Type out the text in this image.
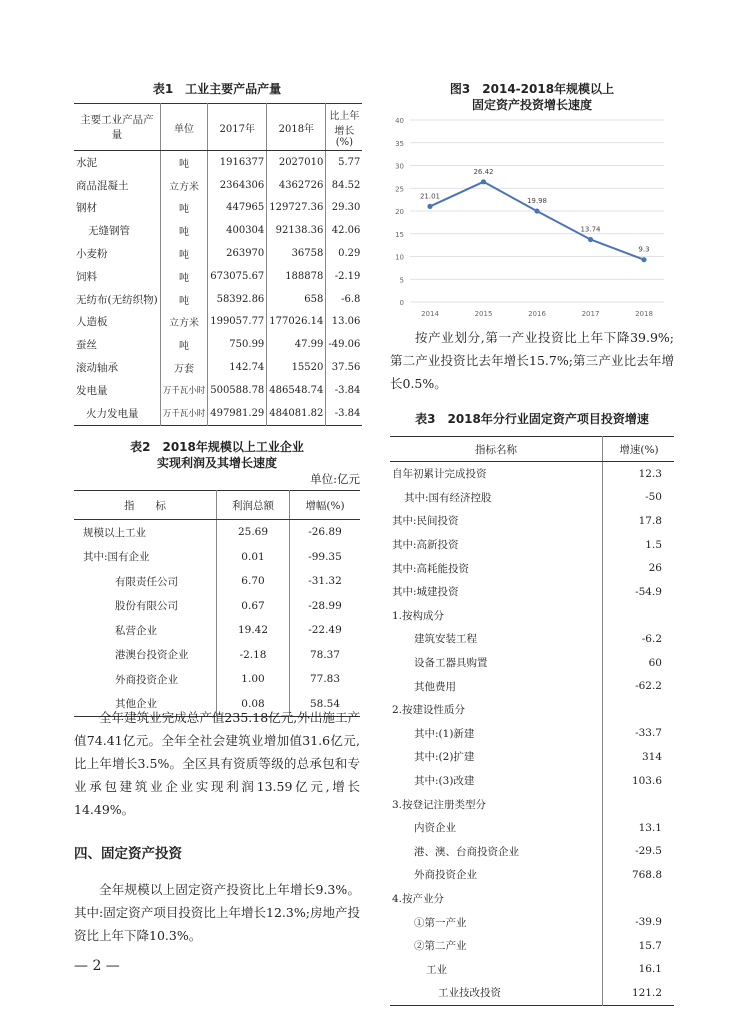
表1　工业主要产品产量
主要工业产品产量	单位	2017年	2018年	比上年增长(%)
水泥	吨	1916377	2027010	5.77
商品混凝土	立方米	2364306	4362726	84.52
钢材	吨	447965	129727.36	29.30
无缝钢管	吨	400304	92138.36	42.06
小麦粉	吨	263970	36758	0.29
饲料	吨	673075.67	188878	-2.19
无纺布(无纺织物)	吨	58392.86	658	-6.8
人造板	立方米	199057.77	177026.14	13.06
蚕丝	吨	750.99	47.99	-49.06
滚动轴承	万套	142.74	15520	37.56
发电量	万千瓦小时	500588.78	486548.74	-3.84
火力发电量	万千瓦小时	497981.29	484081.82	-3.84
表2　2018年规模以上工业企业
实现利润及其增长速度
单位:亿元
指　　标	利润总额	增幅(%)
规模以上工业	25.69	-26.89
其中:国有企业	0.01	-99.35
有限责任公司	6.70	-31.32
股份有限公司	0.67	-28.99
私营企业	19.42	-22.49
港澳台投资企业	-2.18	78.37
外商投资企业	1.00	77.83
其他企业	0.08	58.54
全年建筑业完成总产值235.18亿元,外出施工产值74.41亿元。全年全社会建筑业增加值31.6亿元,比上年增长3.5%。全区具有资质等级的总承包和专业承包建筑业企业实现利润13.59亿元,增长14.49%。
四、固定资产投资
全年规模以上固定资产投资比上年增长9.3%。其中:固定资产项目投资比上年增长12.3%;房地产投资比上年下降10.3%。
— 2 —
图3　2014-2018年规模以上
固定资产投资增长速度
0
5
10
15
20
25
30
35
40
2014	2015	2016	2017	2018
21.01
26.42
19.98
13.74
9.3
按产业划分,第一产业投资比上年下降39.9%;第二产业投资比去年增长15.7%;第三产业比去年增长0.5%。
表3　2018年分行业固定资产项目投资增速
指标名称	增速(%)
自年初累计完成投资	12.3
其中:国有经济控股	-50
其中:民间投资	17.8
其中:高新投资	1.5
其中:高耗能投资	26
其中:城建投资	-54.9
1.按构成分	
建筑安装工程	-6.2
设备工器具购置	60
其他费用	-62.2
2.按建设性质分	
其中:(1)新建	-33.7
其中:(2)扩建	314
其中:(3)改建	103.6
3.按登记注册类型分	
内资企业	13.1
港、澳、台商投资企业	-29.5
外商投资企业	768.8
4.按产业分	
①第一产业	-39.9
②第二产业	15.7
工业	16.1
工业技改投资	121.2
